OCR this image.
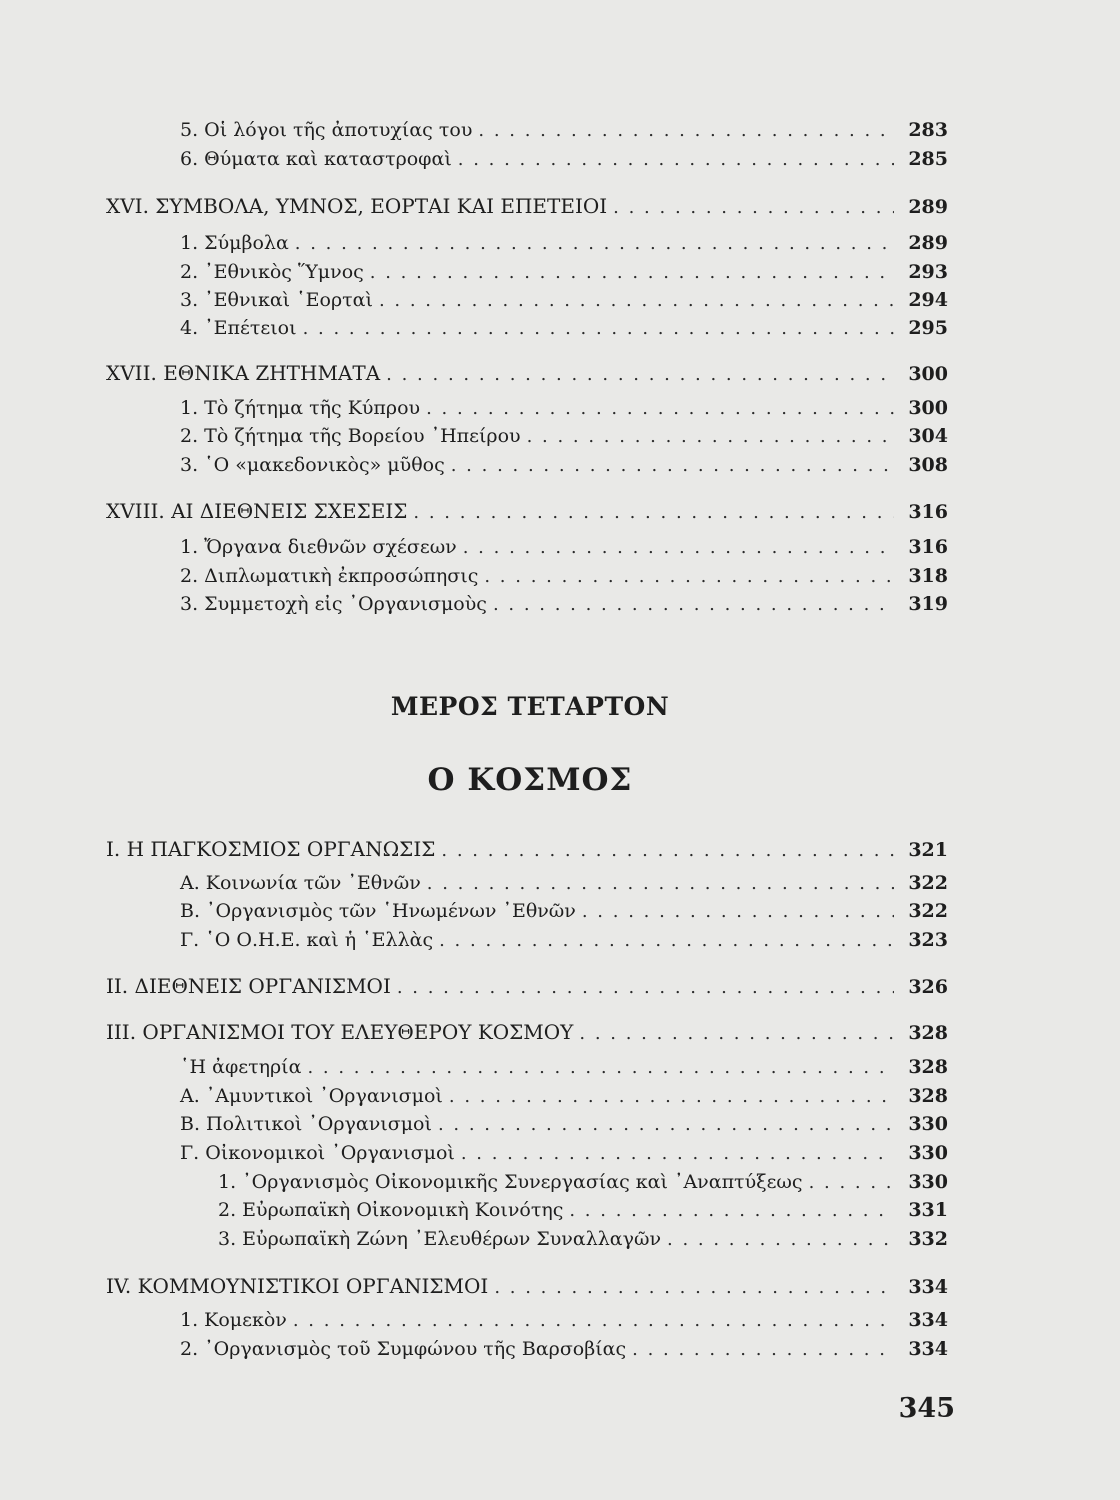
5. Οἱ λόγοι τῆς ἀποτυχίας του . . .	283
6. Θύματα καὶ καταστροφαὶ . . .	285
XVI. ΣΥΜΒΟΛΑ, ΥΜΝΟΣ, ΕΟΡΤΑΙ ΚΑΙ ΕΠΕΤΕΙΟΙ . . .	289
1. Σύμβολα . . .	289
2. ᾽Εθνικὸς Ὕμνος . . .	293
3. ᾽Εθνικαὶ ῾Εορταὶ . . .	294
4. ᾽Επέτειοι . . .	295
XVII. ΕΘΝΙΚΑ ΖΗΤΗΜΑΤΑ . . .	300
1. Τὸ ζήτημα τῆς Κύπρου . . .	300
2. Τὸ ζήτημα τῆς Βορείου ᾽Ηπείρου . . .	304
3. ῾Ο «μακεδονικὸς» μῦθος . . .	308
XVIII. ΑΙ ΔΙΕΘΝΕΙΣ ΣΧΕΣΕΙΣ . . .	316
1. Ὄργανα διεθνῶν σχέσεων . . .	316
2. Διπλωματικὴ ἐκπροσώπησις . . .	318
3. Συμμετοχὴ εἰς ᾽Οργανισμοὺς . . .	319
ΜΕΡΟΣ ΤΕΤΑΡΤΟΝ
Ο ΚΟΣΜΟΣ
I. Η ΠΑΓΚΟΣΜΙΟΣ ΟΡΓΑΝΩΣΙΣ . . .	321
Α. Κοινωνία τῶν ᾽Εθνῶν . . .	322
Β. ᾽Οργανισμὸς τῶν ῾Ηνωμένων ᾽Εθνῶν . . .	322
Γ. ῾Ο Ο.Η.Ε. καὶ ἡ ῾Ελλὰς . . .	323
II. ΔΙΕΘΝΕΙΣ ΟΡΓΑΝΙΣΜΟΙ . . .	326
III. ΟΡΓΑΝΙΣΜΟΙ ΤΟΥ ΕΛΕΥΘΕΡΟΥ ΚΟΣΜΟΥ . . .	328
῾Η ἀφετηρία . . .	328
Α. ᾽Αμυντικοὶ ᾽Οργανισμοὶ . . .	328
Β. Πολιτικοὶ ᾽Οργανισμοὶ . . .	330
Γ. Οἰκονομικοὶ ᾽Οργανισμοὶ . . .	330
1. ᾽Οργανισμὸς Οἰκονομικῆς Συνεργασίας καὶ ᾽Αναπτύξεως . . .	330
2. Εὐρωπαϊκὴ Οἰκονομικὴ Κοινότης . . .	331
3. Εὐρωπαϊκὴ Ζώνη ᾽Ελευθέρων Συναλλαγῶν . . .	332
IV. ΚΟΜΜΟΥΝΙΣΤΙΚΟΙ ΟΡΓΑΝΙΣΜΟΙ . . .	334
1. Κομεκὸν . . .	334
2. ᾽Οργανισμὸς τοῦ Συμφώνου τῆς Βαρσοβίας . . .	334
345
